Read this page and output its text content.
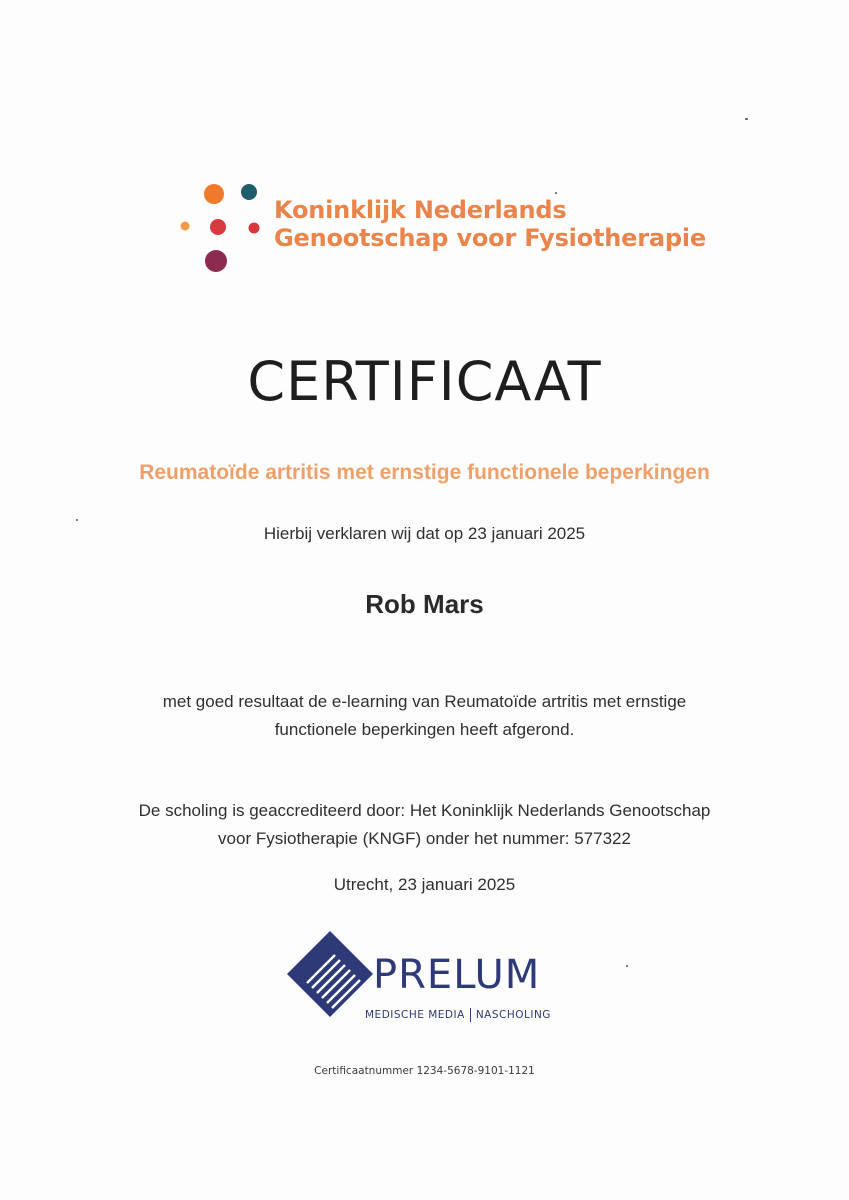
Koninklijk Nederlands
Genootschap voor Fysiotherapie
CERTIFICAAT
Reumatoïde artritis met ernstige functionele beperkingen
Hierbij verklaren wij dat op 23 januari 2025
Rob Mars
met goed resultaat de e-learning van Reumatoïde artritis met ernstige
functionele beperkingen heeft afgerond.
De scholing is geaccrediteerd door: Het Koninklijk Nederlands Genootschap
voor Fysiotherapie (KNGF) onder het nummer: 577322
Utrecht, 23 januari 2025
PRELUM
MEDISCHE MEDIA NASCHOLING
Certificaatnummer 1234-5678-9101-1121
